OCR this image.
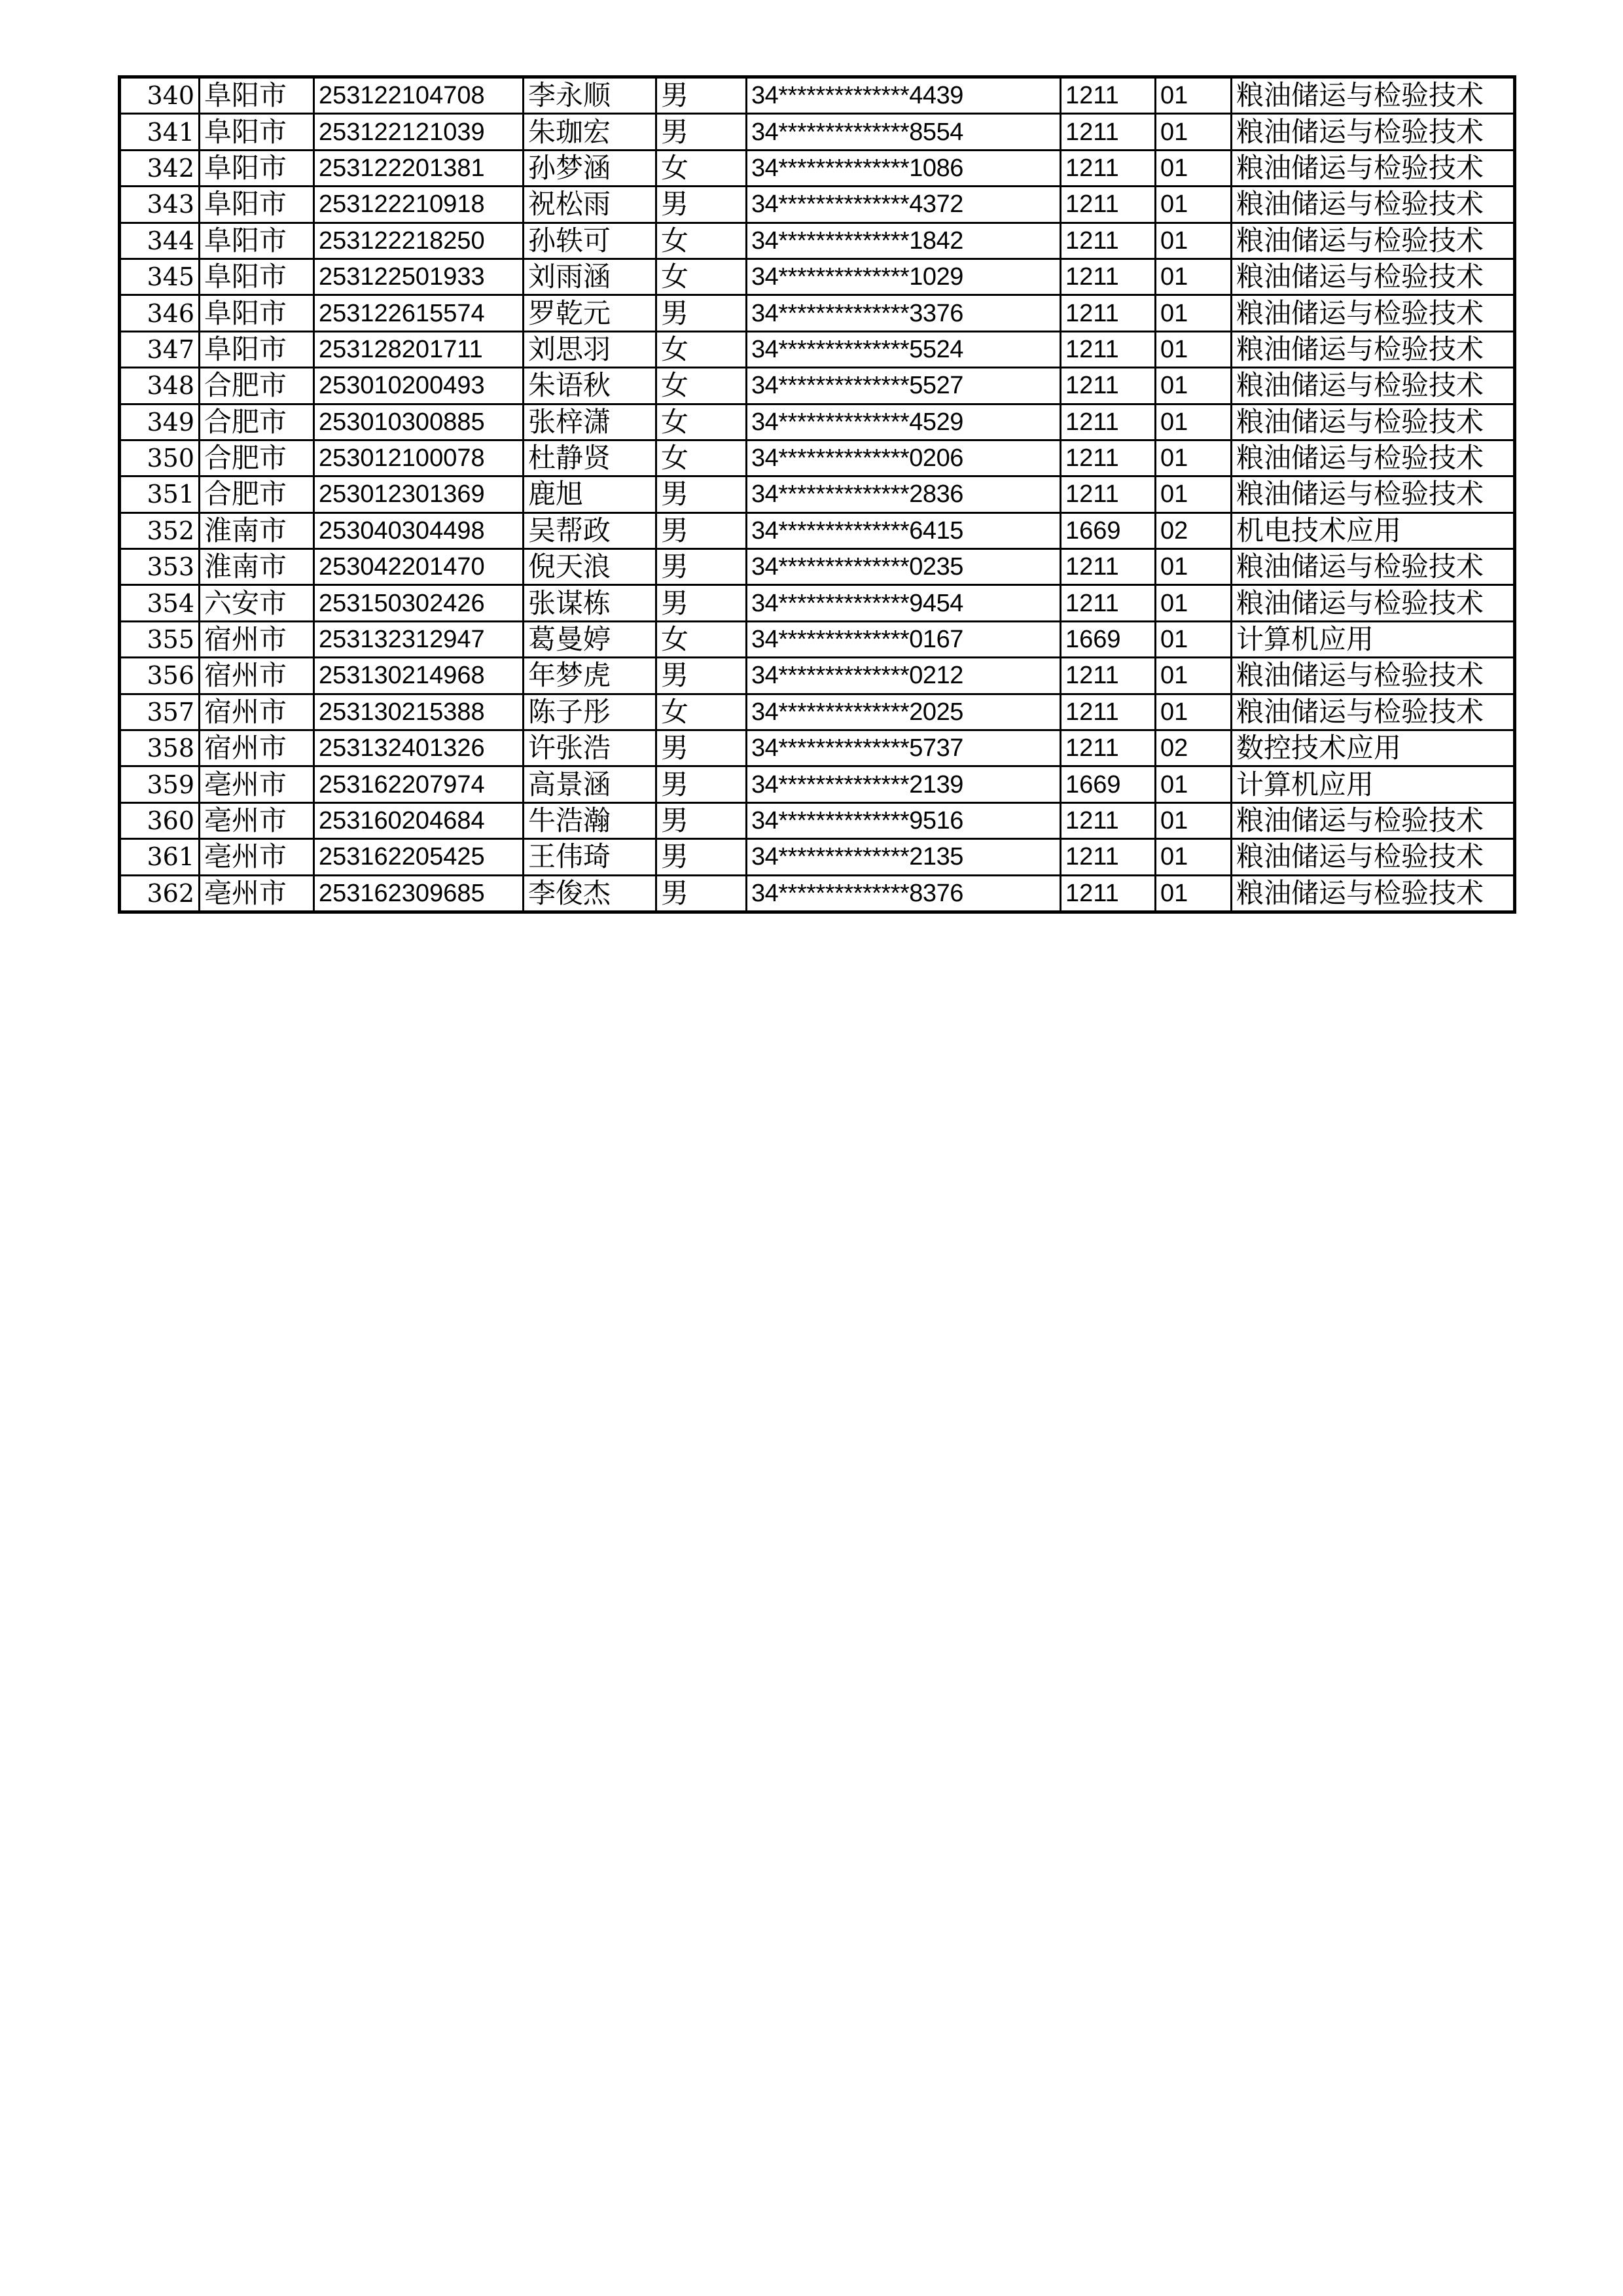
340	阜阳市	253122104708	李永顺	男	34**************4439	1211	01	粮油储运与检验技术
341	阜阳市	253122121039	朱珈宏	男	34**************8554	1211	01	粮油储运与检验技术
342	阜阳市	253122201381	孙梦涵	女	34**************1086	1211	01	粮油储运与检验技术
343	阜阳市	253122210918	祝松雨	男	34**************4372	1211	01	粮油储运与检验技术
344	阜阳市	253122218250	孙轶可	女	34**************1842	1211	01	粮油储运与检验技术
345	阜阳市	253122501933	刘雨涵	女	34**************1029	1211	01	粮油储运与检验技术
346	阜阳市	253122615574	罗乾元	男	34**************3376	1211	01	粮油储运与检验技术
347	阜阳市	253128201711	刘思羽	女	34**************5524	1211	01	粮油储运与检验技术
348	合肥市	253010200493	朱语秋	女	34**************5527	1211	01	粮油储运与检验技术
349	合肥市	253010300885	张梓潇	女	34**************4529	1211	01	粮油储运与检验技术
350	合肥市	253012100078	杜静贤	女	34**************0206	1211	01	粮油储运与检验技术
351	合肥市	253012301369	鹿旭	男	34**************2836	1211	01	粮油储运与检验技术
352	淮南市	253040304498	吴帮政	男	34**************6415	1669	02	机电技术应用
353	淮南市	253042201470	倪天浪	男	34**************0235	1211	01	粮油储运与检验技术
354	六安市	253150302426	张谋栋	男	34**************9454	1211	01	粮油储运与检验技术
355	宿州市	253132312947	葛曼婷	女	34**************0167	1669	01	计算机应用
356	宿州市	253130214968	年梦虎	男	34**************0212	1211	01	粮油储运与检验技术
357	宿州市	253130215388	陈子彤	女	34**************2025	1211	01	粮油储运与检验技术
358	宿州市	253132401326	许张浩	男	34**************5737	1211	02	数控技术应用
359	亳州市	253162207974	高景涵	男	34**************2139	1669	01	计算机应用
360	亳州市	253160204684	牛浩瀚	男	34**************9516	1211	01	粮油储运与检验技术
361	亳州市	253162205425	王伟琦	男	34**************2135	1211	01	粮油储运与检验技术
362	亳州市	253162309685	李俊杰	男	34**************8376	1211	01	粮油储运与检验技术
